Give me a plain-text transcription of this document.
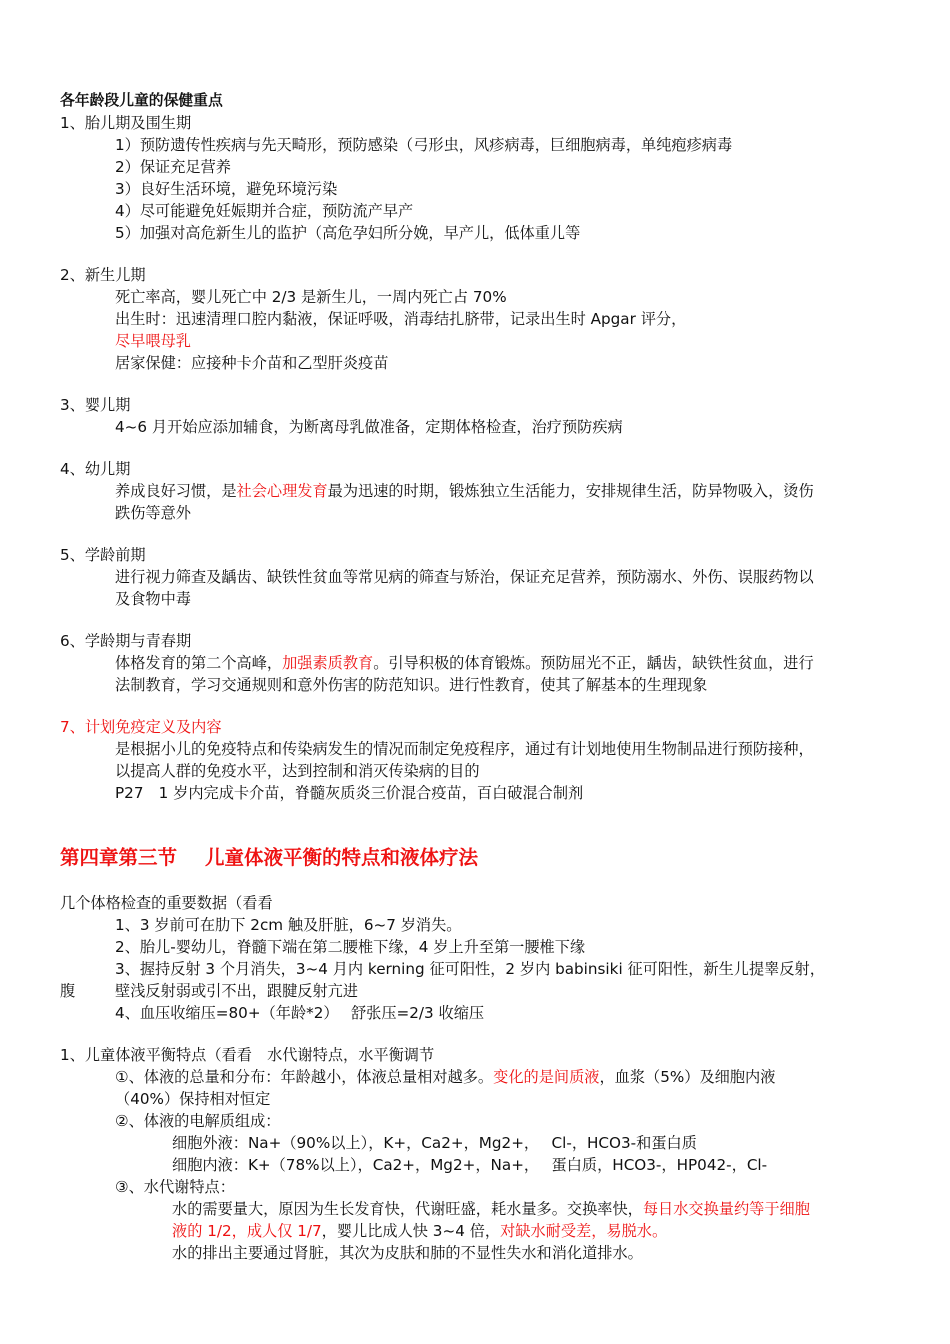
各年龄段儿童的保健重点
1、胎儿期及围生期
1）预防遗传性疾病与先天畸形，预防感染（弓形虫，风疹病毒，巨细胞病毒，单纯疱疹病毒
2）保证充足营养
3）良好生活环境，避免环境污染
4）尽可能避免妊娠期并合症，预防流产早产
5）加强对高危新生儿的监护（高危孕妇所分娩，早产儿，低体重儿等
2、新生儿期
死亡率高，婴儿死亡中 2/3 是新生儿，一周内死亡占 70%
出生时：迅速清理口腔内黏液，保证呼吸，消毒结扎脐带，记录出生时 Apgar 评分，
尽早喂母乳
居家保健：应接种卡介苗和乙型肝炎疫苗
3、婴儿期
4~6 月开始应添加辅食，为断离母乳做准备，定期体格检查，治疗预防疾病
4、幼儿期
养成良好习惯，是社会心理发育最为迅速的时期，锻炼独立生活能力，安排规律生活，防异物吸入，烫伤
跌伤等意外
5、学龄前期
进行视力筛查及龋齿、缺铁性贫血等常见病的筛查与矫治，保证充足营养，预防溺水、外伤、误服药物以
及食物中毒
6、学龄期与青春期
体格发育的第二个高峰，加强素质教育。引导积极的体育锻炼。预防屈光不正，龋齿，缺铁性贫血，进行
法制教育，学习交通规则和意外伤害的防范知识。进行性教育，使其了解基本的生理现象
7、计划免疫定义及内容
是根据小儿的免疫特点和传染病发生的情况而制定免疫程序，通过有计划地使用生物制品进行预防接种，
以提高人群的免疫水平，达到控制和消灭传染病的目的
P27　1 岁内完成卡介苗，脊髓灰质炎三价混合疫苗，百白破混合制剂
第四章第三节 儿童体液平衡的特点和液体疗法
几个体格检查的重要数据（看看
1、3 岁前可在肋下 2cm 触及肝脏，6~7 岁消失。
2、胎儿-婴幼儿，脊髓下端在第二腰椎下缘，4 岁上升至第一腰椎下缘
3、握持反射 3 个月消失，3~4 月内 kerning 征可阳性，2 岁内 babinsiki 征可阳性，新生儿提睾反射，
腹	壁浅反射弱或引不出，跟腱反射亢进
4、血压收缩压=80+（年龄*2）　 舒张压=2/3 收缩压
1、儿童体液平衡特点（看看　水代谢特点，水平衡调节
①、体液的总量和分布：年龄越小，体液总量相对越多。变化的是间质液，血浆（5%）及细胞内液
（40%）保持相对恒定
②、体液的电解质组成：
细胞外液：Na+（90%以上），K+，Ca2+，Mg2+，　 Cl-，HCO3-和蛋白质
细胞内液：K+（78%以上），Ca2+，Mg2+，Na+，　 蛋白质，HCO3-，HP042-，Cl-
③、水代谢特点：
水的需要量大，原因为生长发育快，代谢旺盛，耗水量多。交换率快，每日水交换量约等于细胞
液的 1/2，成人仅 1/7，婴儿比成人快 3~4 倍，对缺水耐受差，易脱水。
水的排出主要通过肾脏，其次为皮肤和肺的不显性失水和消化道排水。
